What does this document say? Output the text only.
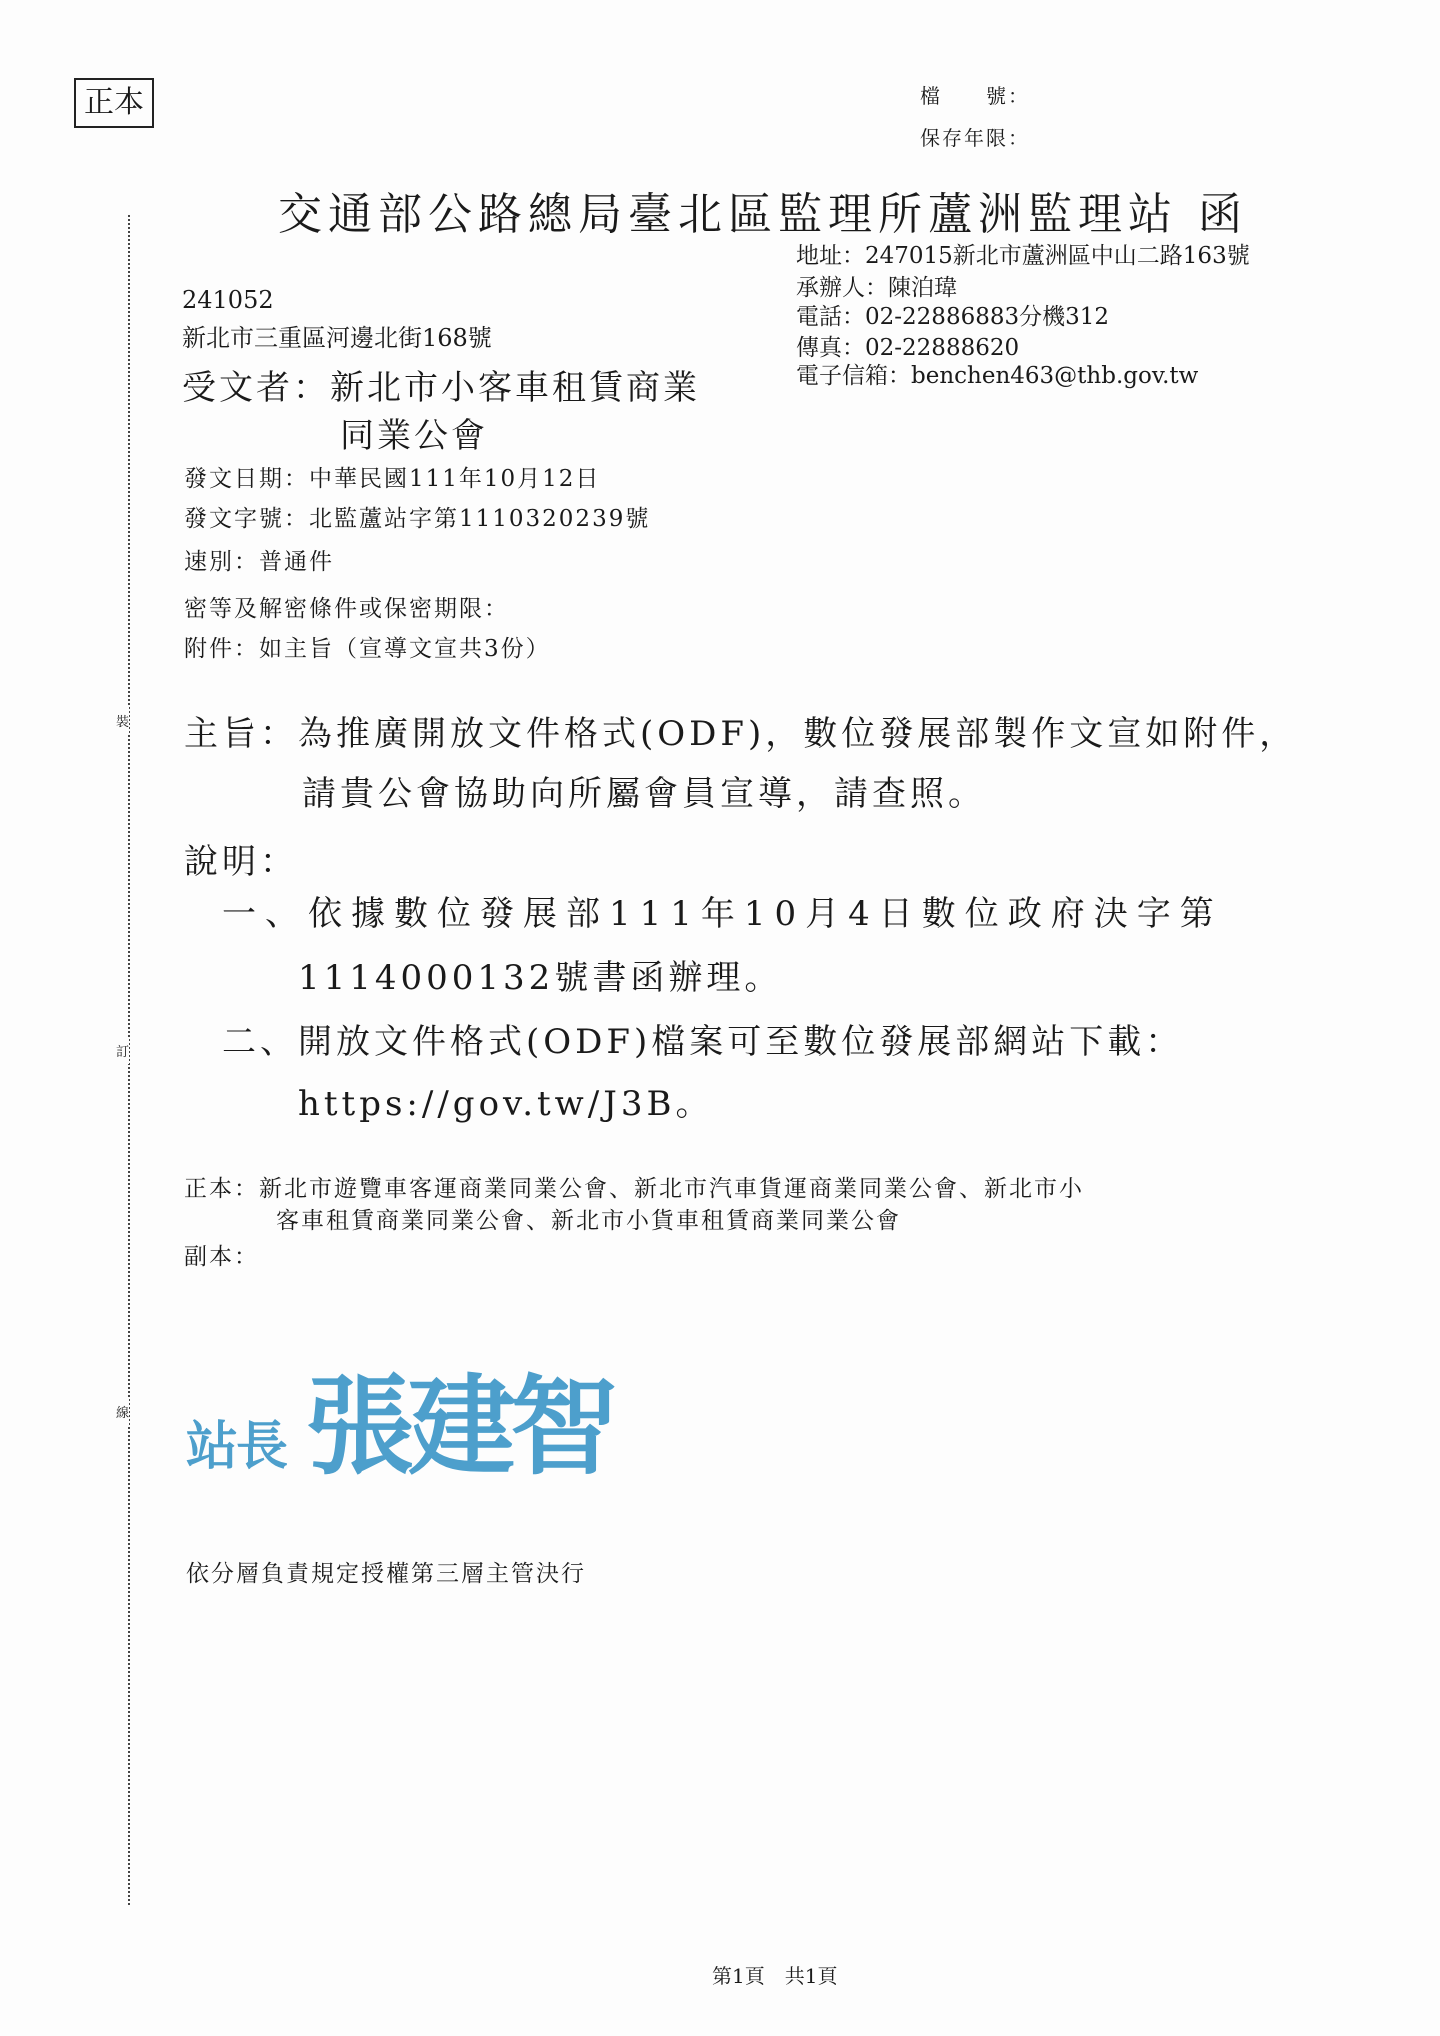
正本	檔　　號：
保存年限：
交通部公路總局臺北區監理所蘆洲監理站 函
地址：247015新北市蘆洲區中山二路163號
承辦人：陳泊瑋
電話：02-22886883分機312
傳真：02-22888620
電子信箱：benchen463@thb.gov.tw
241052
新北市三重區河邊北街168號
受文者：新北市小客車租賃商業
同業公會
發文日期：中華民國111年10月12日
發文字號：北監蘆站字第1110320239號
速別：普通件
密等及解密條件或保密期限：
附件：如主旨（宣導文宣共3份）
主旨：為推廣開放文件格式(ODF)，數位發展部製作文宣如附件，
請貴公會協助向所屬會員宣導，請查照。
說明：
一、依據數位發展部111年10月4日數位政府決字第
1114000132號書函辦理。
二、開放文件格式(ODF)檔案可至數位發展部網站下載：
https://gov.tw/J3B。
正本：新北市遊覽車客運商業同業公會、新北市汽車貨運商業同業公會、新北市小
客車租賃商業同業公會、新北市小貨車租賃商業同業公會
副本：
裝
訂
線
站長 張建智
依分層負責規定授權第三層主管決行
第1頁　共1頁
